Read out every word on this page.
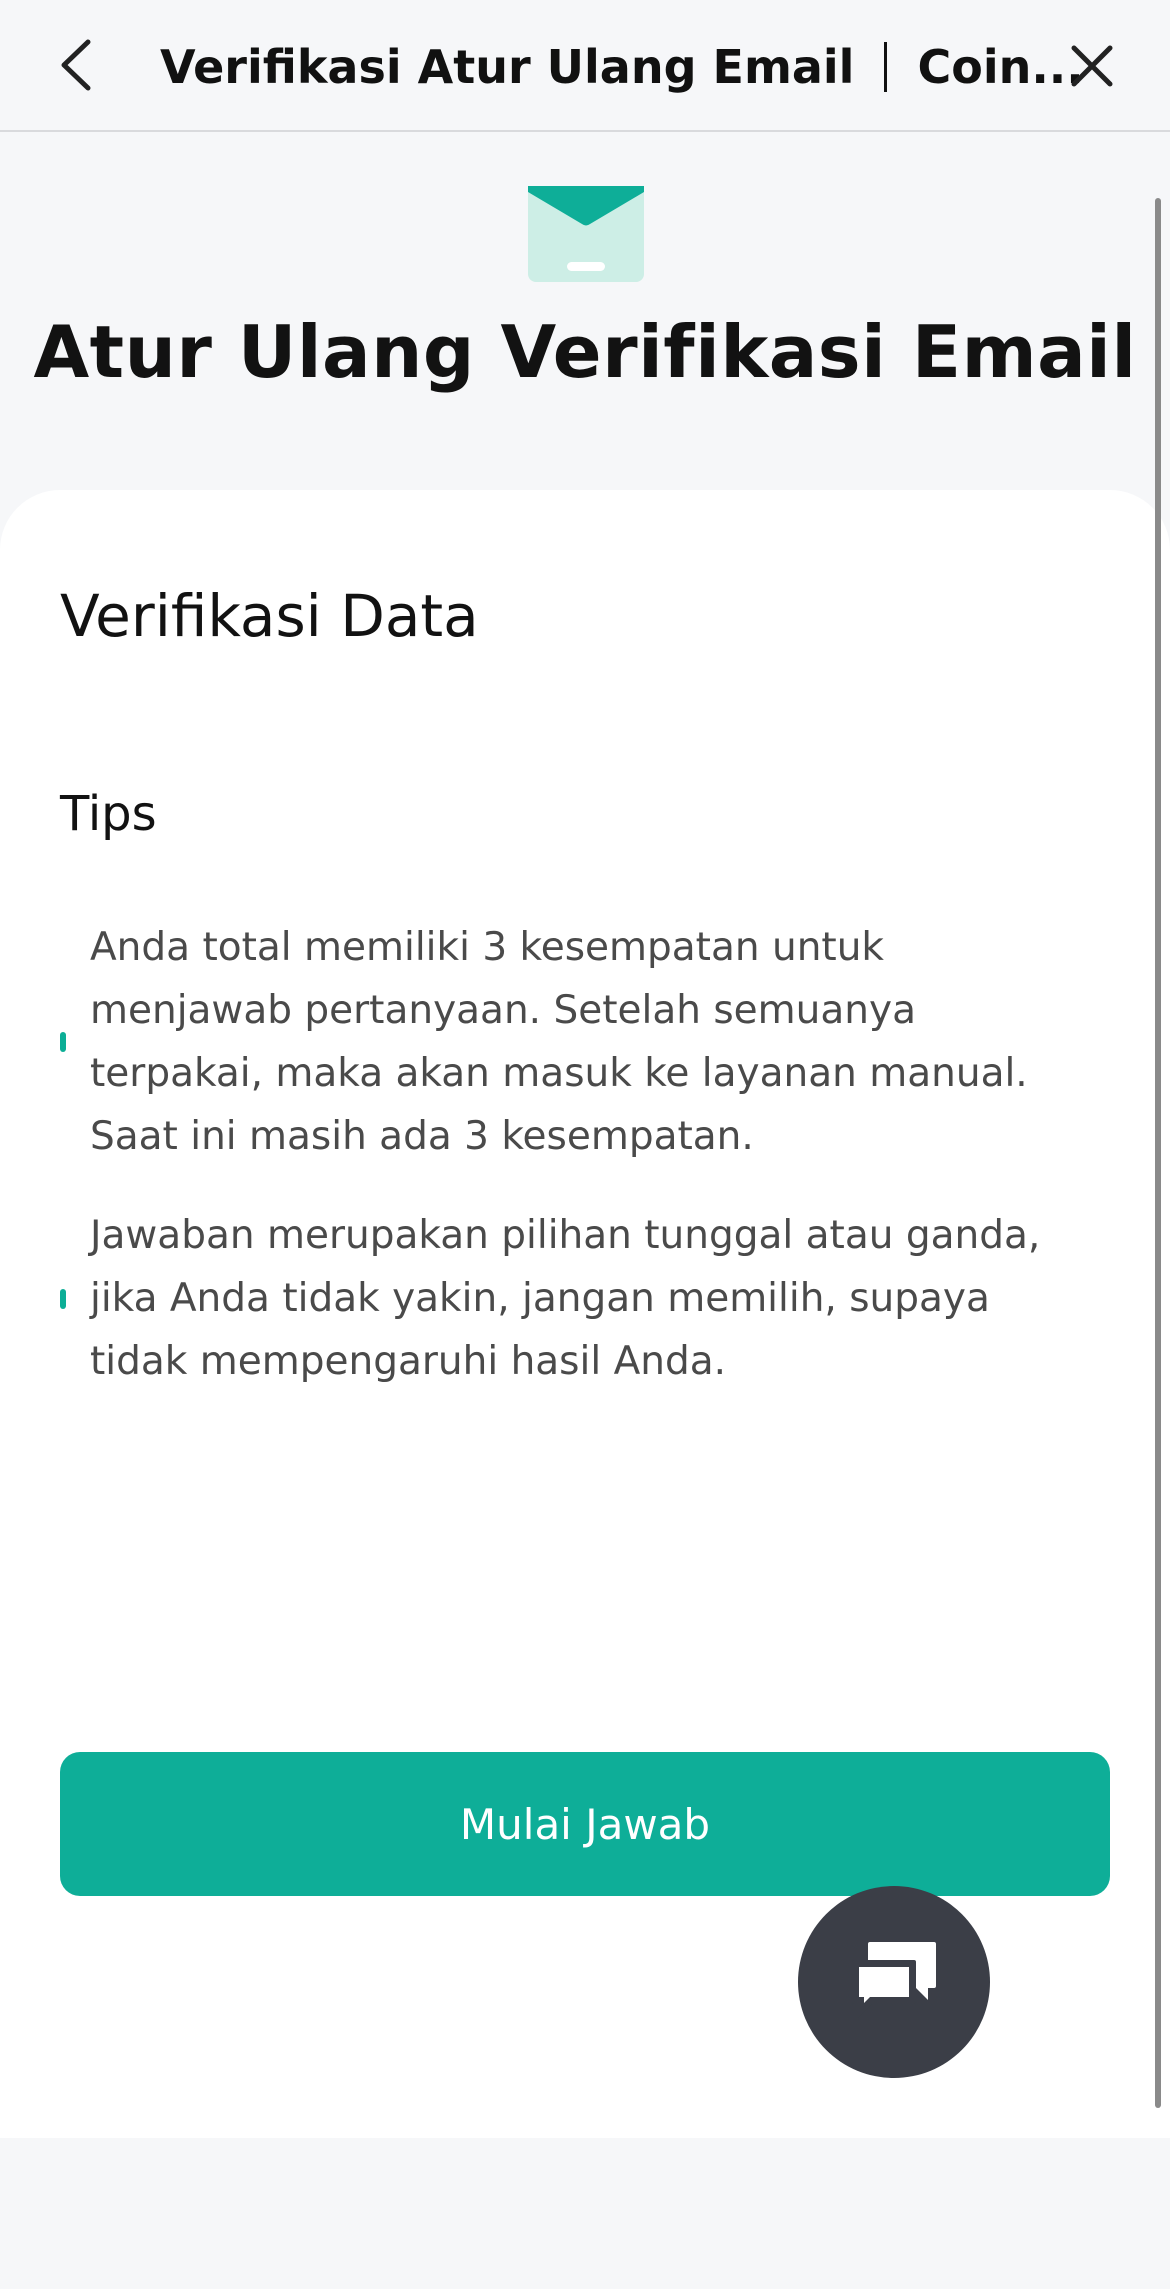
Verifikasi Atur Ulang Email Coin...
Atur Ulang Verifikasi Email
Verifikasi Data
Tips
Anda total memiliki 3 kesempatan untuk menjawab pertanyaan. Setelah semuanya terpakai, maka akan masuk ke layanan manual. Saat ini masih ada 3 kesempatan.
Jawaban merupakan pilihan tunggal atau ganda, jika Anda tidak yakin, jangan memilih, supaya tidak mempengaruhi hasil Anda.
Mulai Jawab
